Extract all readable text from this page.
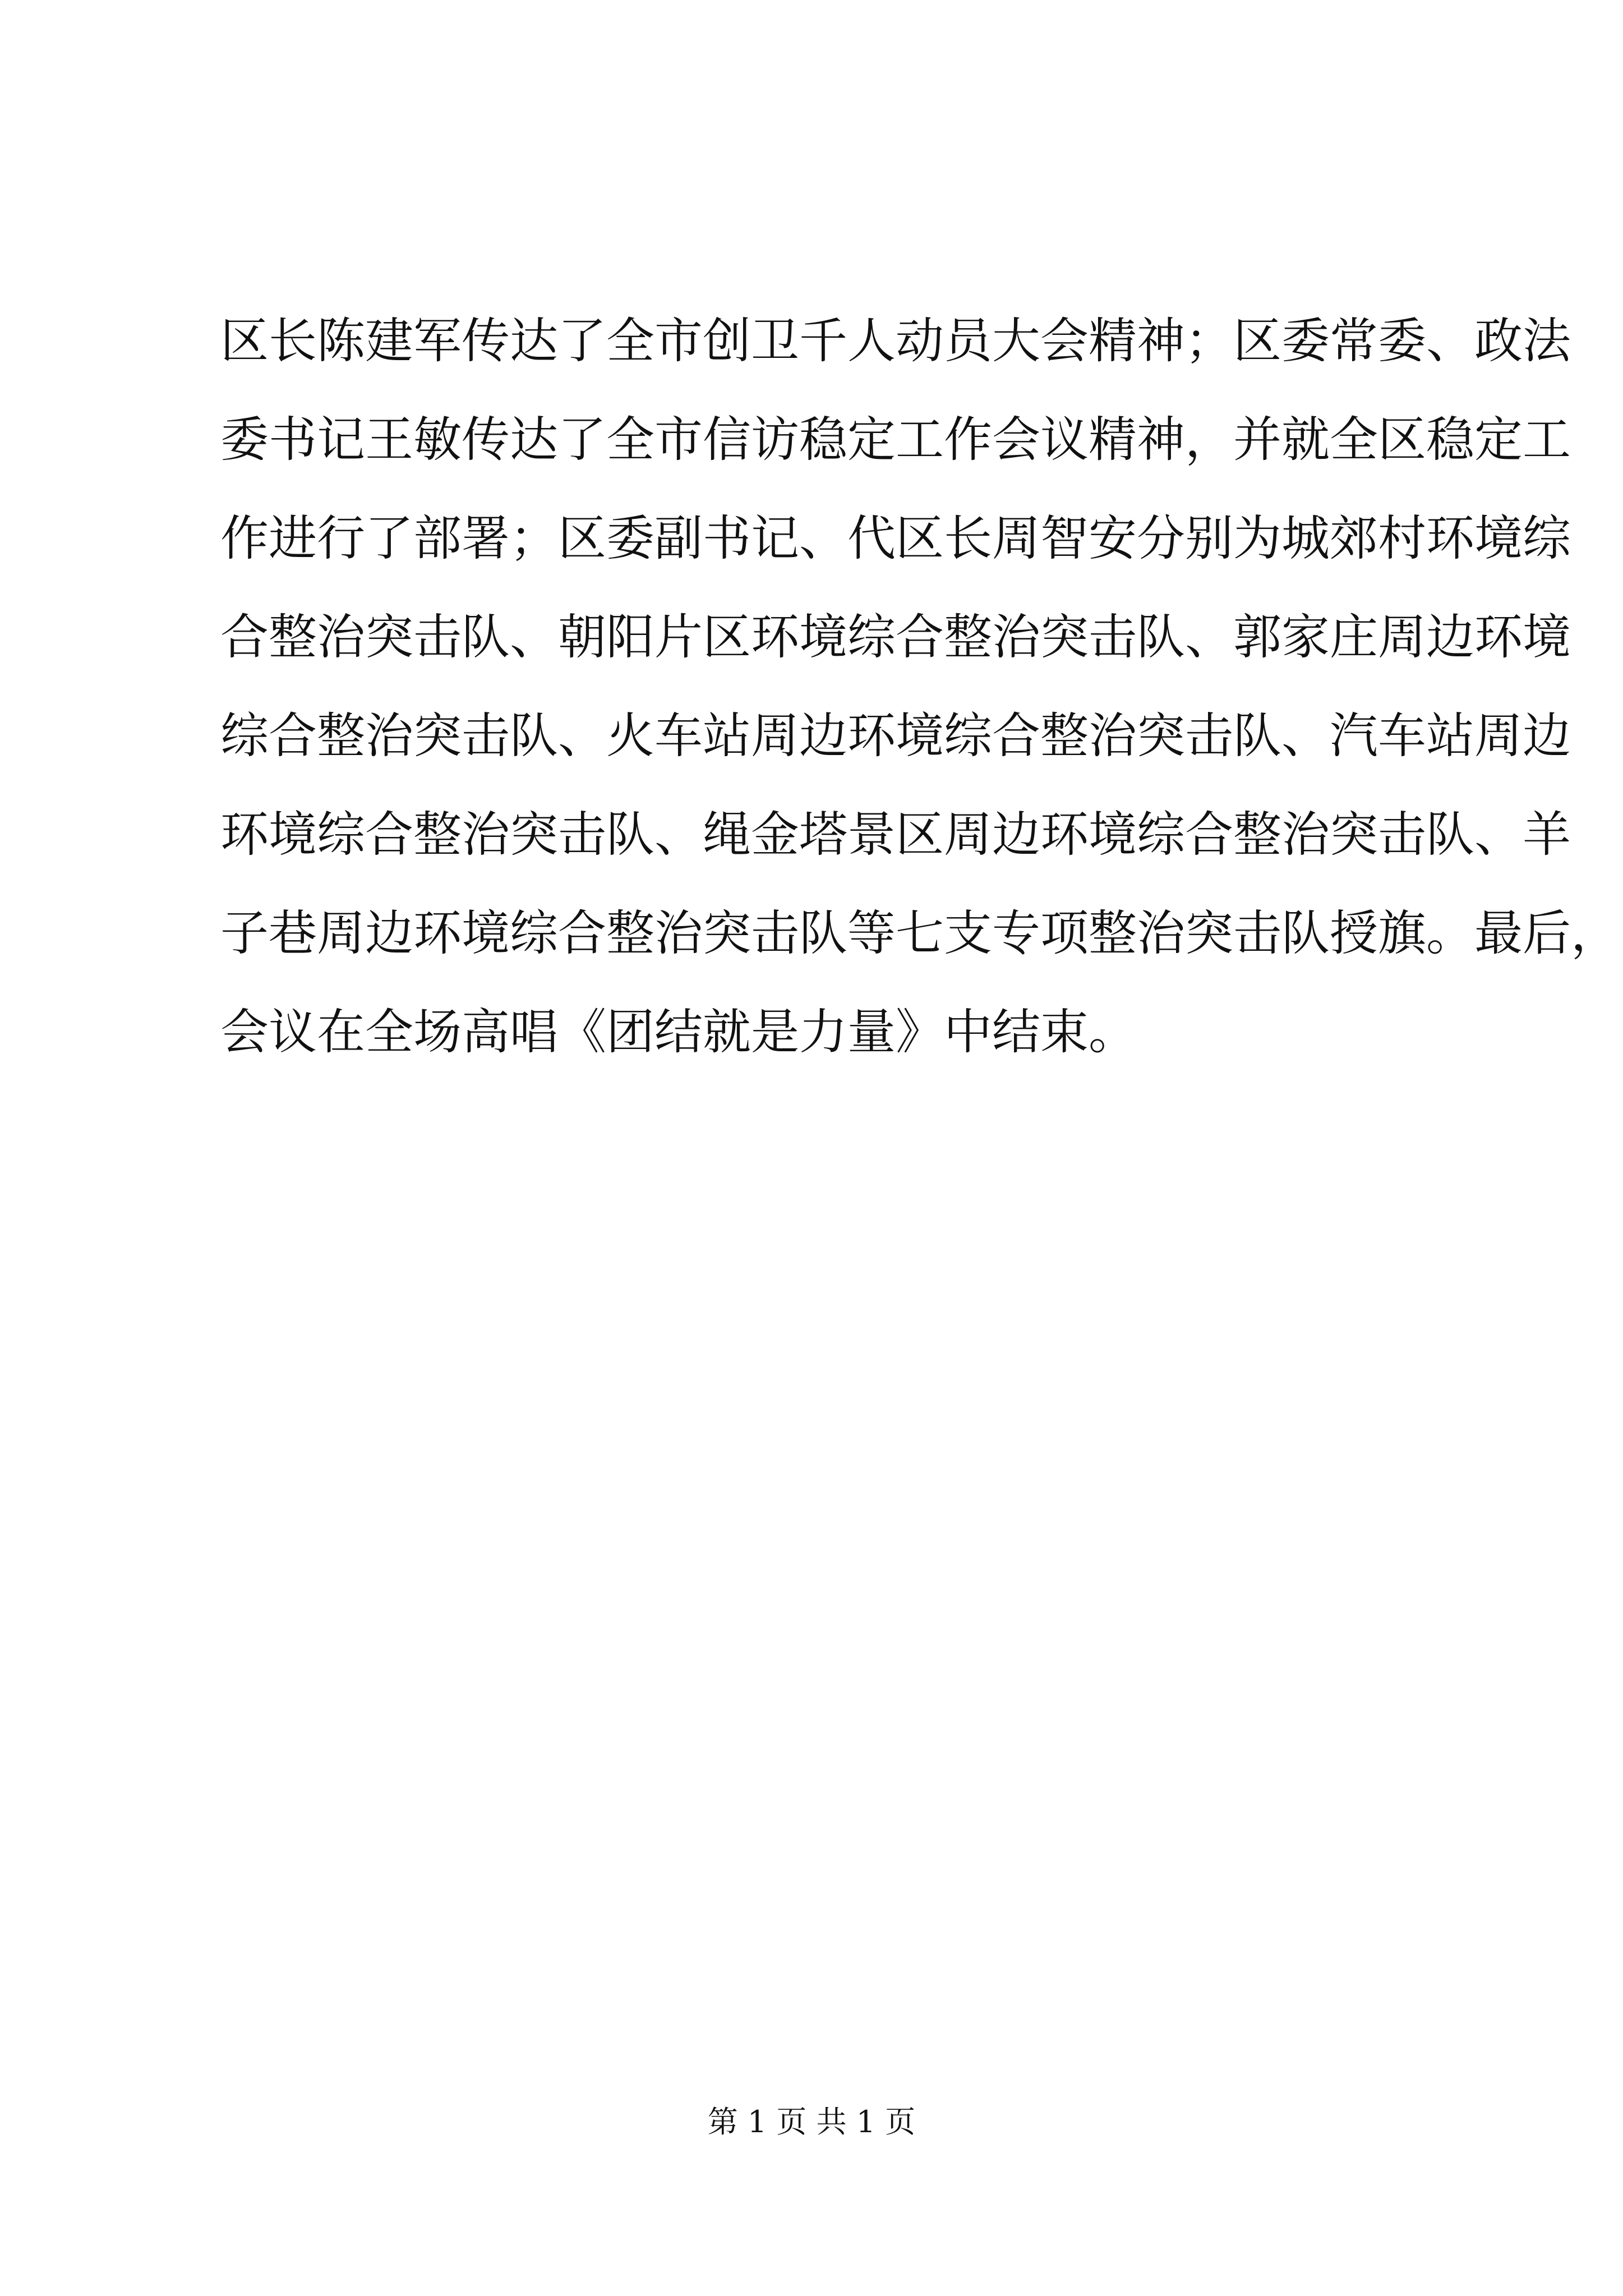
区长陈建军传达了全市创卫千人动员大会精神；区委常委、政法
委书记王敏传达了全市信访稳定工作会议精神，并就全区稳定工
作进行了部署；区委副书记、代区长周智安分别为城郊村环境综
合整治突击队、朝阳片区环境综合整治突击队、郭家庄周边环境
综合整治突击队、火车站周边环境综合整治突击队、汽车站周边
环境综合整治突击队、绳金塔景区周边环境综合整治突击队、羊
子巷周边环境综合整治突击队等七支专项整治突击队授旗。最后，
会议在全场高唱《团结就是力量》中结束。
第 1 页 共 1 页
